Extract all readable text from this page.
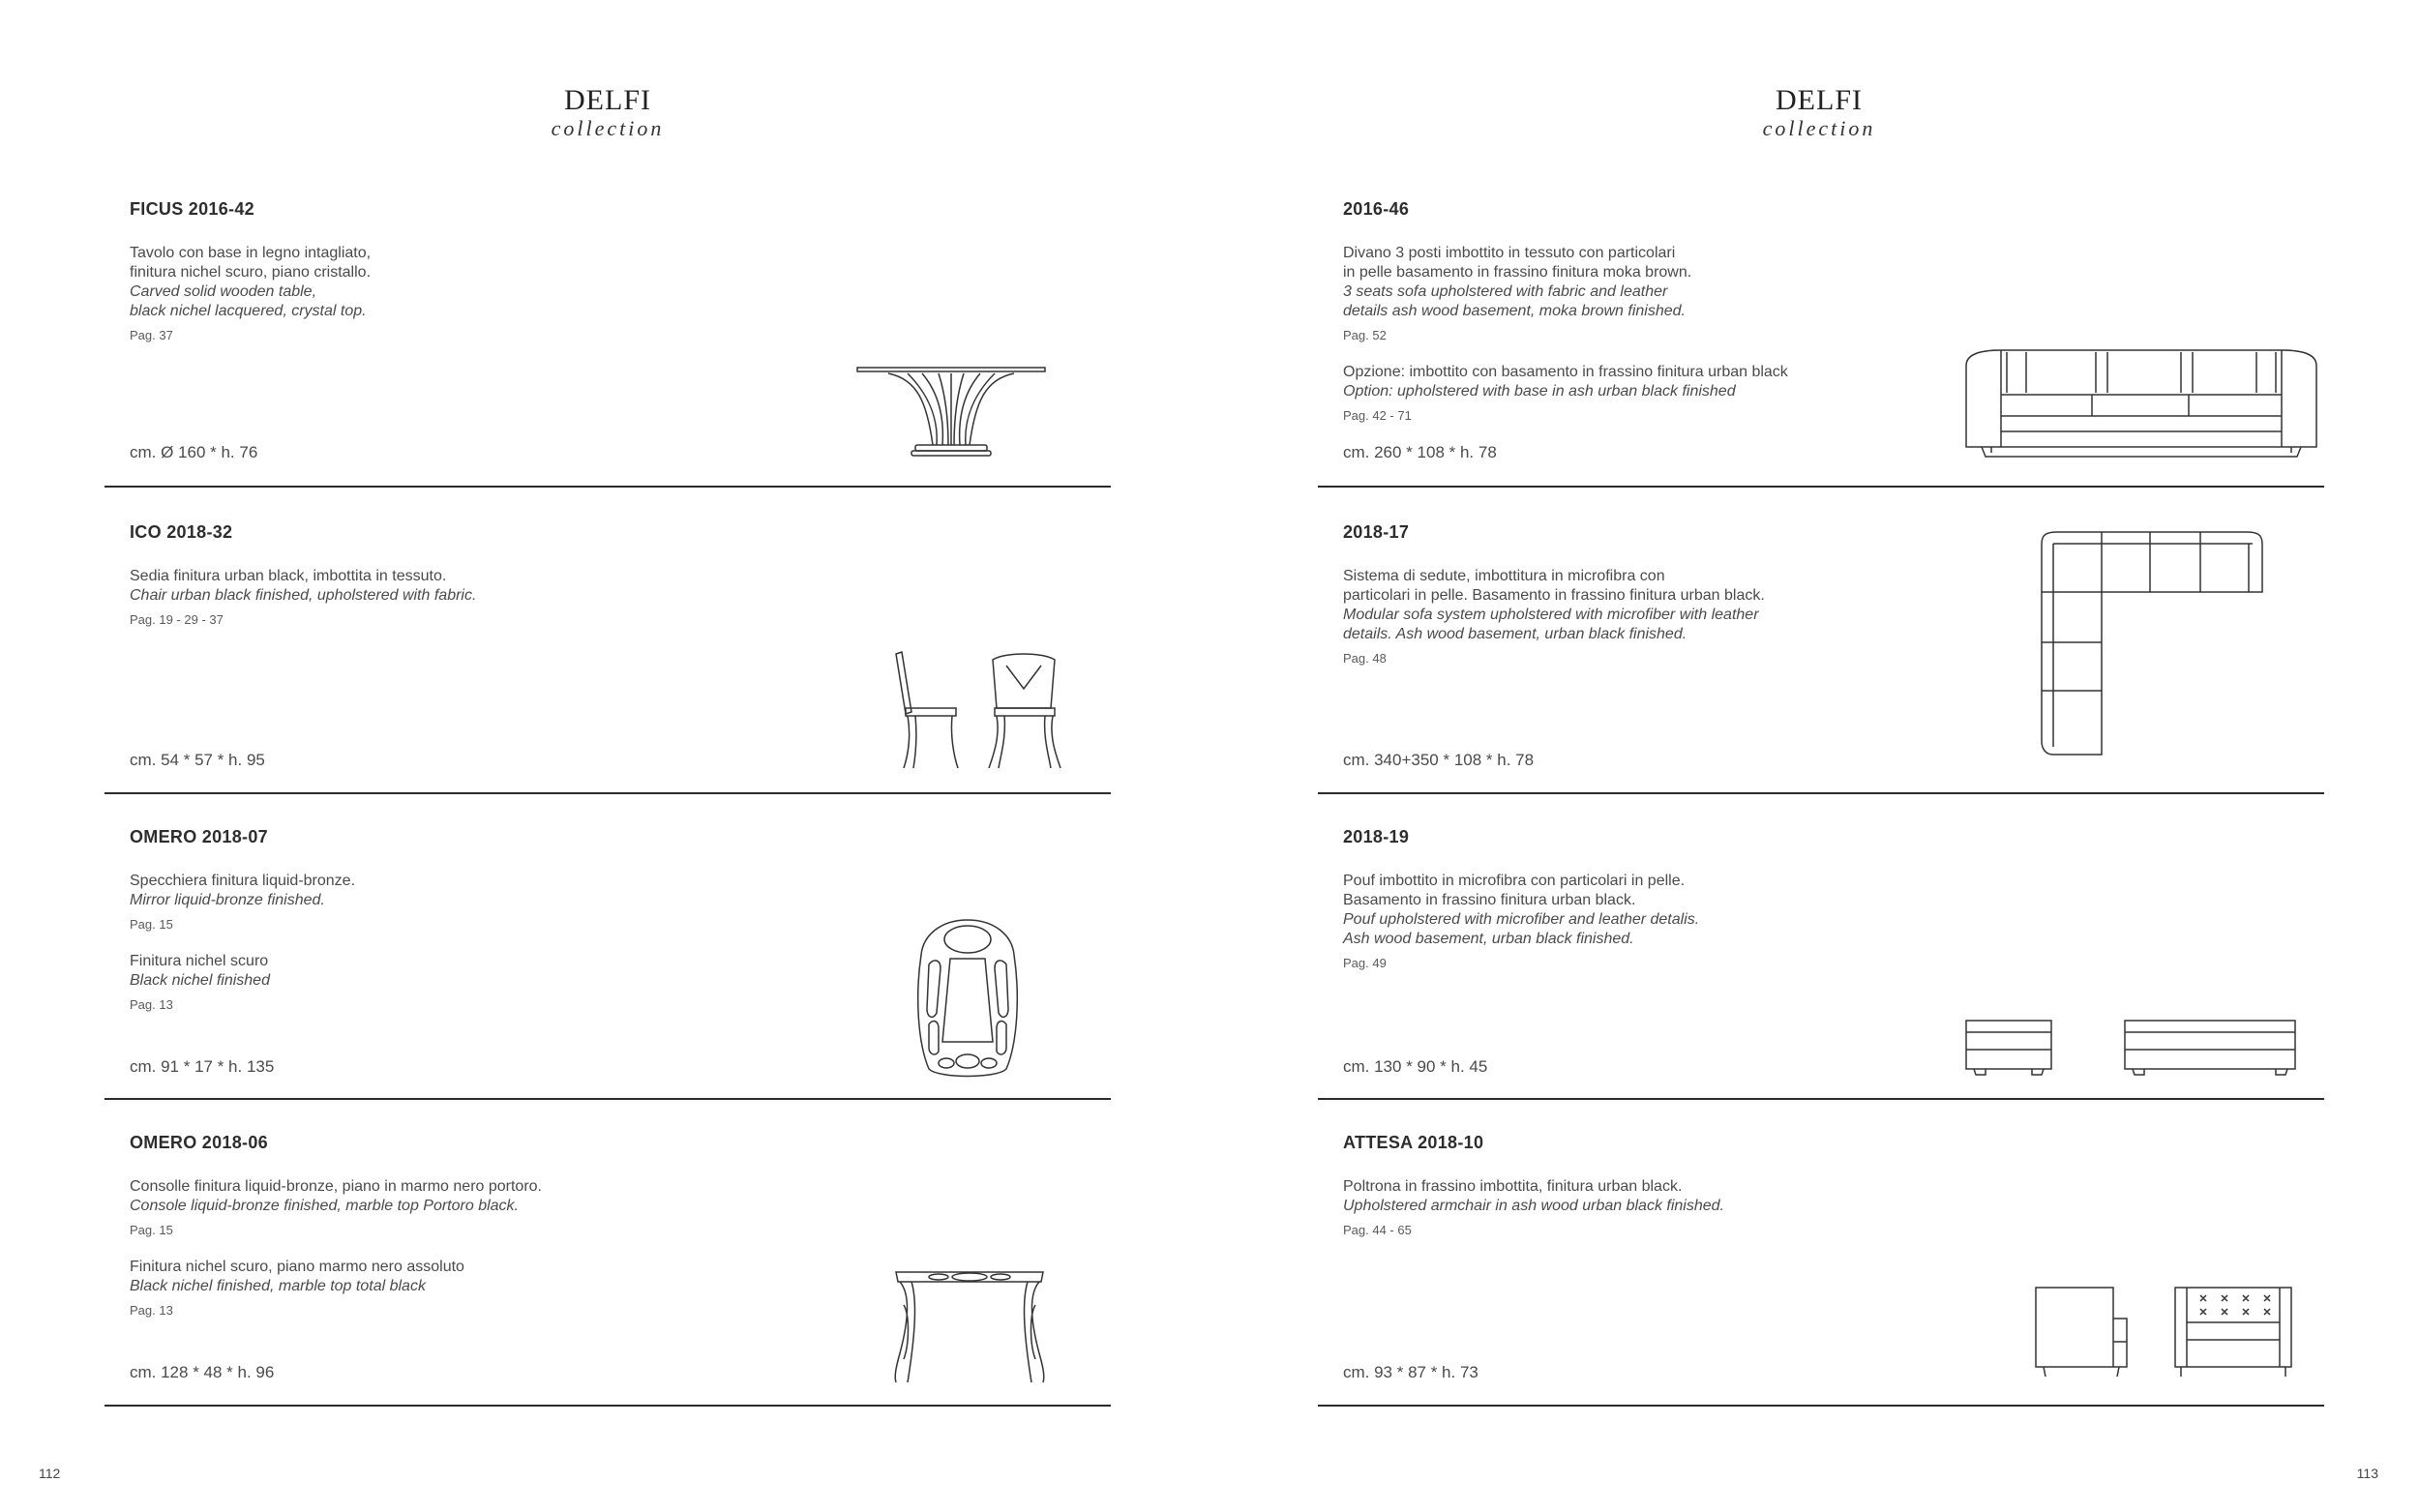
DELFI
collection
FICUS 2016-42
Tavolo con base in legno intagliato,
finitura nichel scuro, piano cristallo.
Carved solid wooden table,
black nichel lacquered, crystal top.
Pag. 37
cm. Ø 160 * h. 76
ICO 2018-32
Sedia finitura urban black, imbottita in tessuto.
Chair urban black finished, upholstered with fabric.
Pag. 19 - 29 - 37
cm. 54 * 57 * h. 95
OMERO 2018-07
Specchiera finitura liquid-bronze.
Mirror liquid-bronze finished.
Pag. 15
Finitura nichel scuro
Black nichel finished
Pag. 13
cm. 91 * 17 * h. 135
OMERO 2018-06
Consolle finitura liquid-bronze, piano in marmo nero portoro.
Console liquid-bronze finished, marble top Portoro black.
Pag. 15
Finitura nichel scuro, piano marmo nero assoluto
Black nichel finished, marble top total black
Pag. 13
cm. 128 * 48 * h. 96
112
DELFI
collection
2016-46
Divano 3 posti imbottito in tessuto con particolari
in pelle basamento in frassino finitura moka brown.
3 seats sofa upholstered with fabric and leather
details ash wood basement, moka brown finished.
Pag. 52
Opzione: imbottito con basamento in frassino finitura urban black
Option: upholstered with base in ash urban black finished
Pag. 42 - 71
cm. 260 * 108 * h. 78
2018-17
Sistema di sedute, imbottitura in microfibra con
particolari in pelle. Basamento in frassino finitura urban black.
Modular sofa system upholstered with microfiber with leather
details. Ash wood basement, urban black finished.
Pag. 48
cm. 340+350 * 108 * h. 78
2018-19
Pouf imbottito in microfibra con particolari in pelle.
Basamento in frassino finitura urban black.
Pouf upholstered with microfiber and leather detalis.
Ash wood basement, urban black finished.
Pag. 49
cm. 130 * 90 * h. 45
ATTESA 2018-10
Poltrona in frassino imbottita, finitura urban black.
Upholstered armchair in ash wood urban black finished.
Pag. 44 - 65
cm. 93 * 87 * h. 73
113
